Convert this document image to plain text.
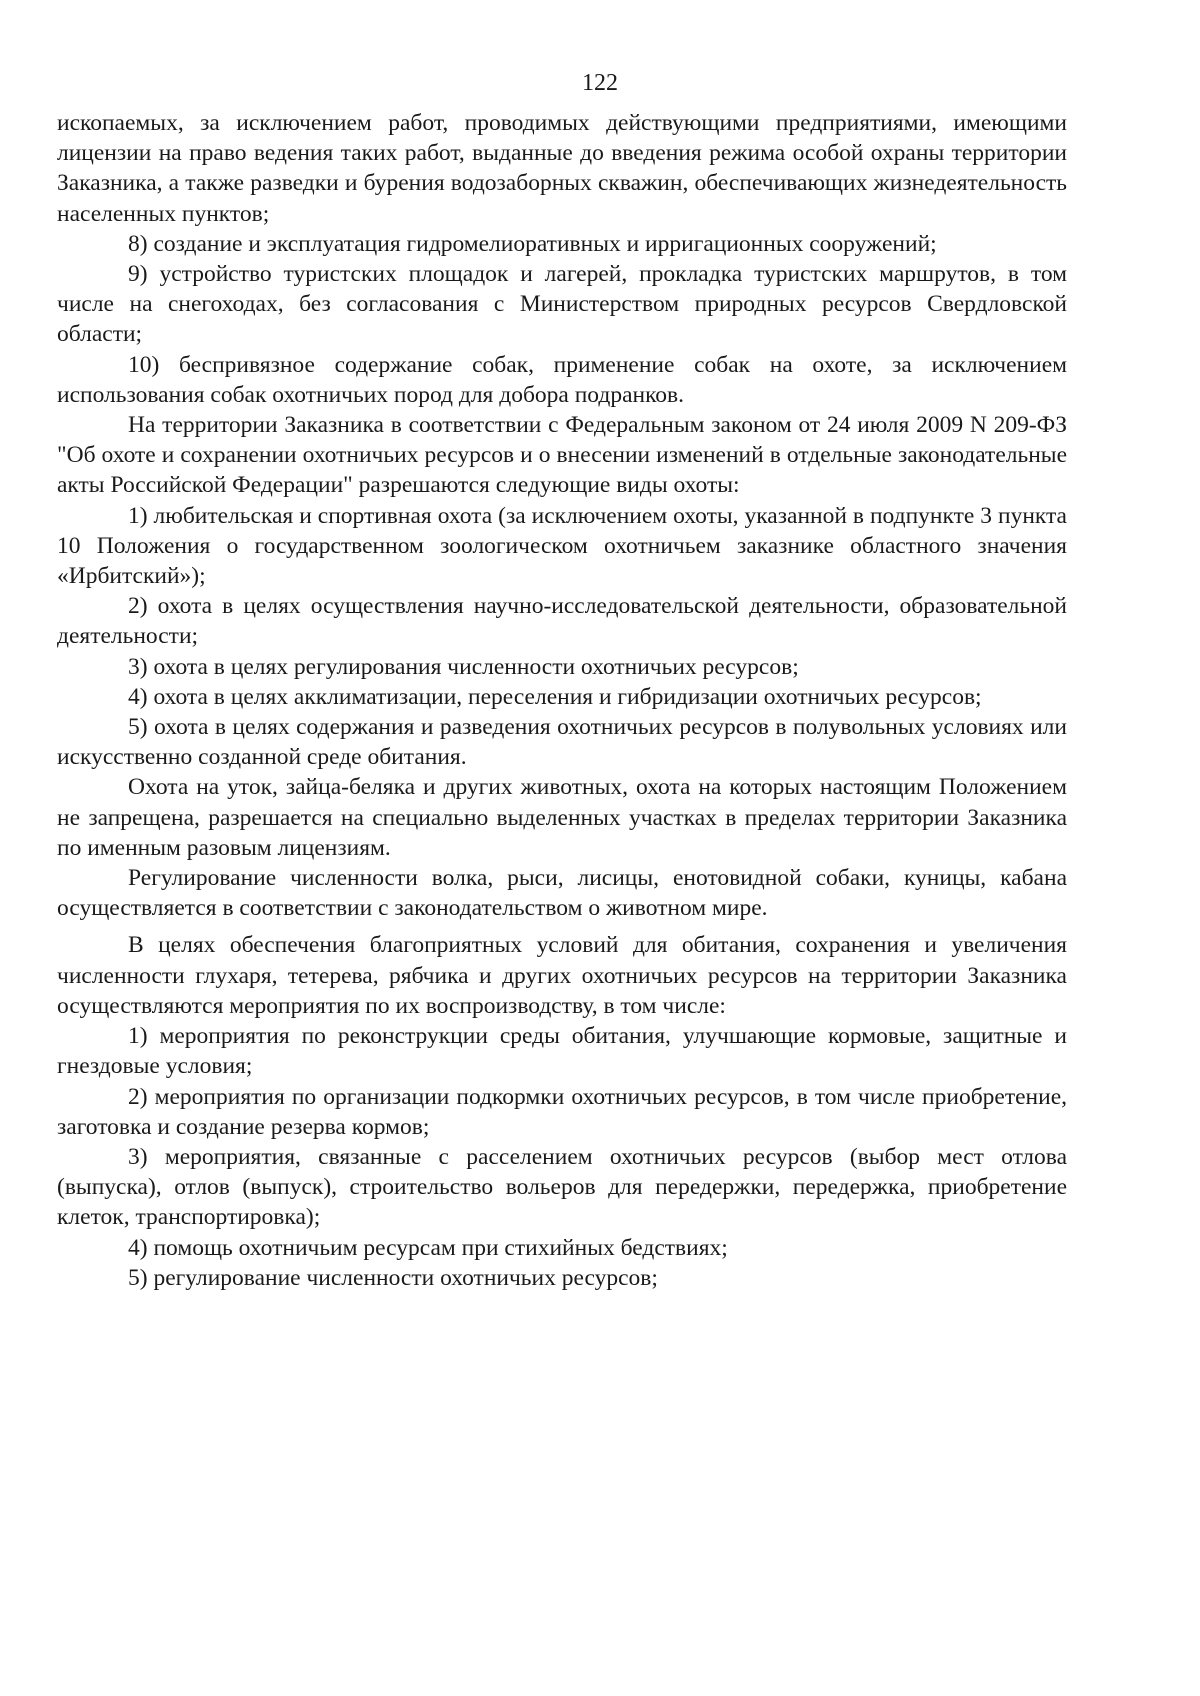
122

ископаемых, за исключением работ, проводимых действующими предприятиями, имеющими лицензии на право ведения таких работ, выданные до введения режима особой охраны территории Заказника, а также разведки и бурения водозаборных скважин, обеспечивающих жизнедеятельность населенных пунктов;

8) создание и эксплуатация гидромелиоративных и ирригационных сооружений;

9) устройство туристских площадок и лагерей, прокладка туристских маршрутов, в том числе на снегоходах, без согласования с Министерством природных ресурсов Свердловской области;

10) беспривязное содержание собак, применение собак на охоте, за исключением использования собак охотничьих пород для добора подранков.

На территории Заказника в соответствии с Федеральным законом от 24 июля 2009 N 209-ФЗ "Об охоте и сохранении охотничьих ресурсов и о внесении изменений в отдельные законодательные акты Российской Федерации" разрешаются следующие виды охоты:

1) любительская и спортивная охота (за исключением охоты, указанной в подпункте 3 пункта 10 Положения о государственном зоологическом охотничьем заказнике областного значения «Ирбитский»);

2) охота в целях осуществления научно-исследовательской деятельности, образовательной деятельности;

3) охота в целях регулирования численности охотничьих ресурсов;

4) охота в целях акклиматизации, переселения и гибридизации охотничьих ресурсов;

5) охота в целях содержания и разведения охотничьих ресурсов в полувольных условиях или искусственно созданной среде обитания.

Охота на уток, зайца-беляка и других животных, охота на которых настоящим Положением не запрещена, разрешается на специально выделенных участках в пределах территории Заказника по именным разовым лицензиям.

Регулирование численности волка, рыси, лисицы, енотовидной собаки, куницы, кабана осуществляется в соответствии с законодательством о животном мире.

В целях обеспечения благоприятных условий для обитания, сохранения и увеличения численности глухаря, тетерева, рябчика и других охотничьих ресурсов на территории Заказника осуществляются мероприятия по их воспроизводству, в том числе:

1) мероприятия по реконструкции среды обитания, улучшающие кормовые, защитные и гнездовые условия;

2) мероприятия по организации подкормки охотничьих ресурсов, в том числе приобретение, заготовка и создание резерва кормов;

3) мероприятия, связанные с расселением охотничьих ресурсов (выбор мест отлова (выпуска), отлов (выпуск), строительство вольеров для передержки, передержка, приобретение клеток, транспортировка);

4) помощь охотничьим ресурсам при стихийных бедствиях;

5) регулирование численности охотничьих ресурсов;
